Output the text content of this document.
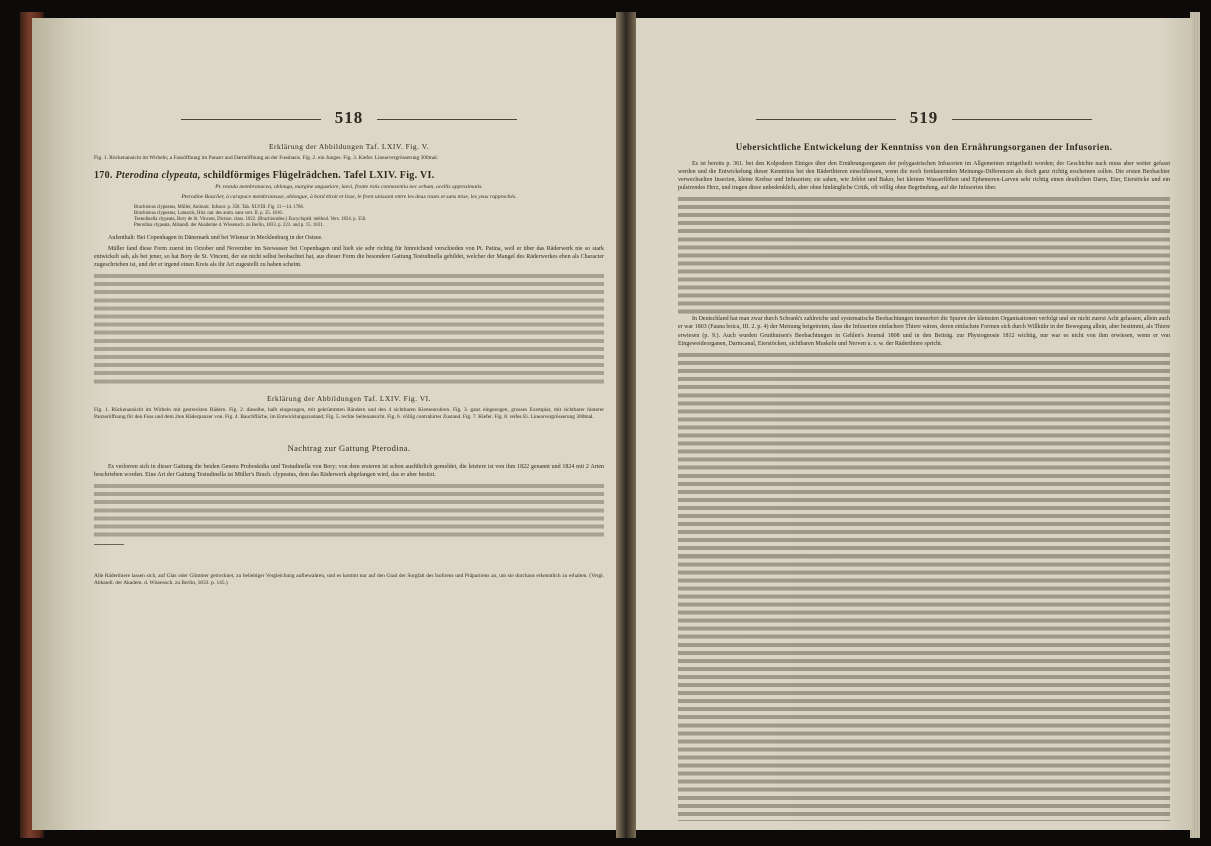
518
Erklärung der Abbildungen Taf. LXIV. Fig. V.

Fig. 1. Rückenansicht im Wirbeln; a Fussöffnung im Panzer und Darmöffnung an der Fussbasis. Fig. 2. ein Junges. Fig. 3. Kiefer. Linearvergrösserung 300mal.

170. Pterodina clypeata, schildförmiges Flügelrädchen. Tafel LXIV. Fig. VI.
Pt. testula membranacea, oblonga, margine angustiore, laevi, fronte rotis connexentia nec orbum, ocellis approximatis.
Pterodine Bouclier, à carapace membraneuse, oblongue, à bord étroit et lisse, le front unissant entre les deux roues et sans mise, les yeux rapprochés.
Brachionus clypeatus, Müller, Animalc. Infusor. p. 358. Tab. XLVIII. Fig. 11—14. 1786.
Brachionus clypeatus, Lamarck, Hist. nat. des anim. sans vert. II. p. 35. 1816.
Testudinella clypeata, Bory de St. Vincent, Diction. class. 1822. (Brachionides.) Encyclopéd. méthod. Vers. 1824. p. 350.
Pterodina clypeata, Abhandl. der Akademie d. Wissensch. zu Berlin, 1833. p. 223. und p. 15. 1831.

Aufenthalt: Bei Copenhagen in Dänemark und bei Wismar in Mecklenburg in der Ostsee.

Müller fand diese Form zuerst im October und November im Seewasser bei Copenhagen und hielt sie sehr richtig für hinreichend verschieden von Pt. Patina, weil er über das Räderwerk nie so stark entwickelt sah, als bei jener, so hat Bory de St. Vincent, der sie nicht selbst beobachtet hat, aus dieser Form die besondere Gattung Testudinella gebildet, welcher der Mangel des Räderwerkes eben als Character zugeschrieben ist, und der er irgend einen Kreis als ihr Art zugestellt zu haben scheint.

Erklärung der Abbildungen Taf. LXIV. Fig. VI.

Fig. 1. Rückenansicht im Wirbeln mit gestreckten Rädern. Fig. 2. dieselbe, halb eingezogen, mit gekrümmten Rändern und den 4 sichtbaren Kiemenrohren. Fig. 3. ganz eingezogen, grosses Exemplar, mit sichtbarer hinterer Panzeröffnung für den Fuss und dem 2ten Räderpanzer von. Fig. 4. Bauchfläche, im Entwicklungszustand; Fig. 5. rechte Seitenansicht. Fig. 6. völlig contrahirter Zustand. Fig. 7. Kiefer. Fig. 8. reifes Ei. Linearvergrösserung 300mal.

Nachtrag zur Gattung Pterodina.

Es verlorren sich in dieser Gattung die beiden Genera Proboskidia und Testudinella von Bory; von dem ersteren ist schon ausführlich gemeldet, die letztere ist von ihm 1822 genannt und 1824 mit 2 Arten beschrieben worden. Eine Art der Gattung Testudinella ist Müller's Brach. clypeatus, dem das Räderwerk abgefangen wird, das er aber besitzt.

Alle Räderthiere lassen sich, auf Glas oder Glimmer getrocknet, zu beliebiger Vergleichung aufbewahren, und es kommt nur auf den Grad der Sorgfalt des Isolirens und Präparirens an, um sie durchaus erkenntlich zu erhalten. (Vergl. Abhandl. der Akadem. d. Wissensch. zu Berlin, 1833. p. 145.)

519
Uebersichtliche Entwickelung der Kenntniss von den Ernährungsorganen der Infusorien.

Es ist bereits p. 361. bei den Kolpodeen Einiges über den Ernährungsorganen der polygastrischen Infusorien im Allgemeinen mitgetheilt worden; der Geschichte nach muss aber weiter gefasst werden und die Entwickelung dieser Kenntniss bei den Räderthieren einschliessen, wenn die noch fortdauernden Meinungs-Differenzen als doch ganz richtig erscheinen sollen. Die ersten Beobachter verwechselten Insecten, kleine Krebse und Infusorien; sie sahen, wie Joblot und Baker, bei kleinen Wasserflöhen und Ephemeren-Larven sehr richtig einen deutlichen Darm, Eier, Eierstöcke und ein pulsirendes Herz, und trugen diese unbedenklich, aber ohne hinlängliche Critik, oft völlig ohne Begründung, auf die Infusorien über.

In Deutschland hat man zwar durch Schrank's zahlreiche und systematische Beobachtungen immerfort die Spuren der kleinsten Organisationen verfolgt und sie nicht zuerst Acht gelassen, allein auch er war 1803 (Fauna boica, III. 2. p. 4) der Meinung beigetreten, dass die Infusorien einfachere Thiere wären, deren einfachste Formen sich durch Willkühr in der Bewegung allein, aber bestimmt, als Thiere erwiesen (p. 9.). Auch wurden Gruithuisen's Beobachtungen in Gehlen's Journal 1808 und in den Beiträg. zur Physiognosie 1812 wichtig, nur war es nicht von ihm erwiesen, wenn er von Eingeweideorganen, Darmcanal, Eierstöcken, sichtbaren Muskeln und Nerven u. s. w. der Räderthiere spricht.
